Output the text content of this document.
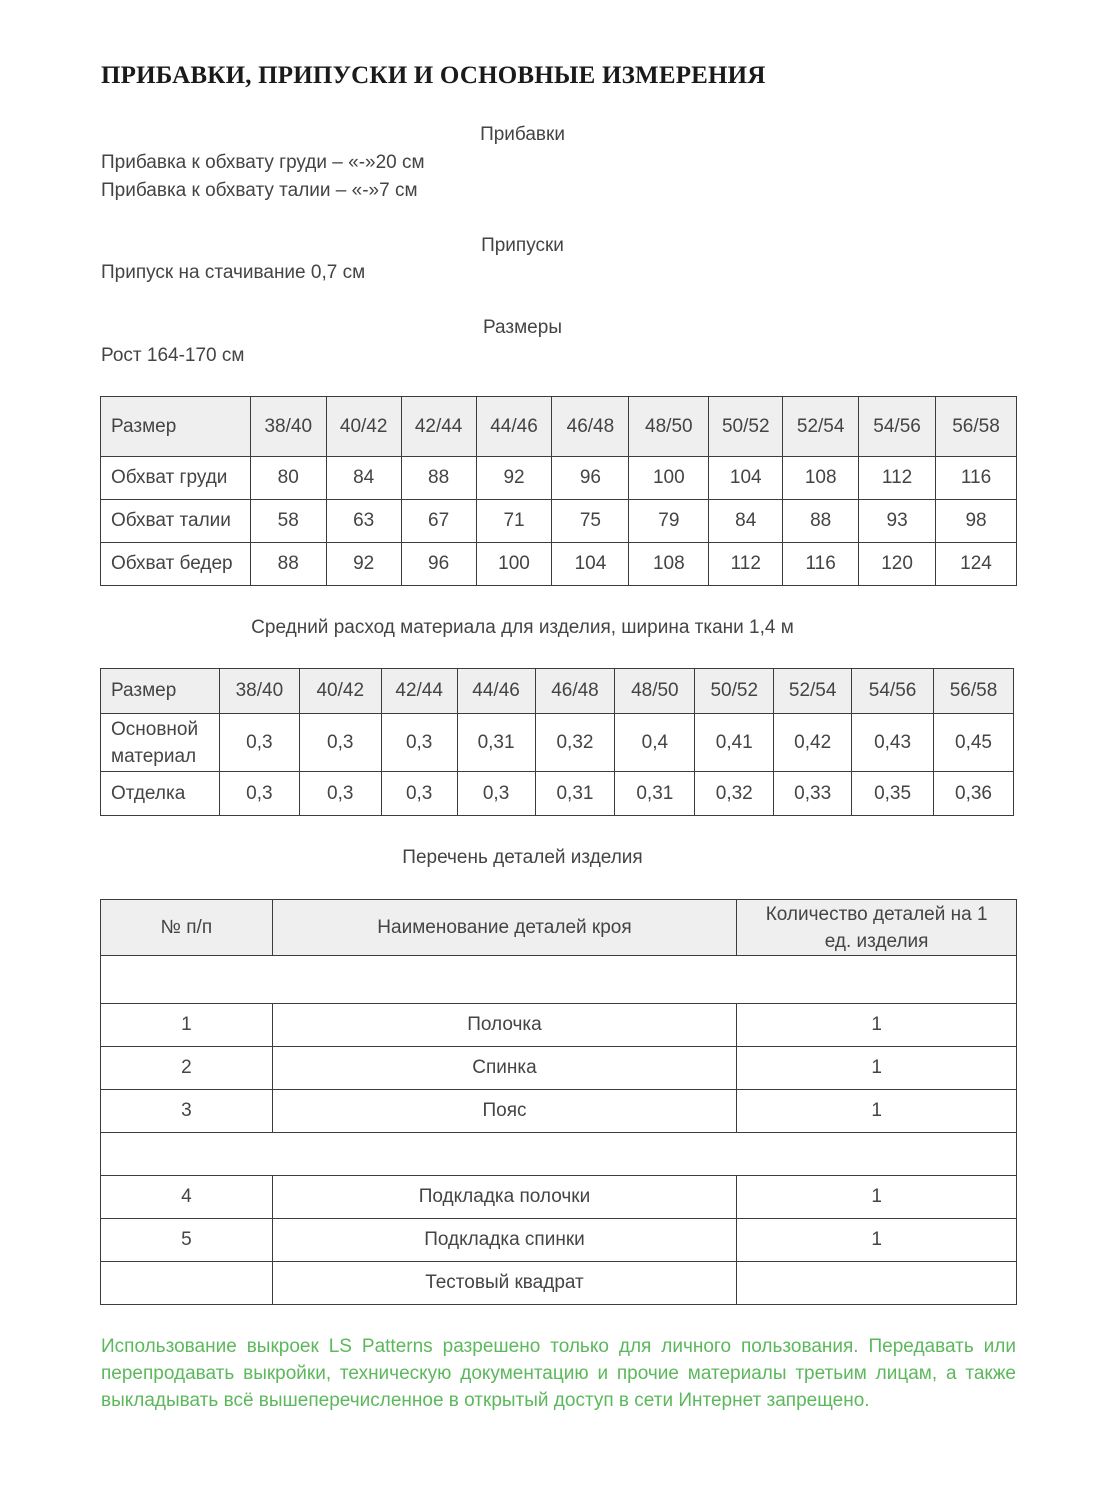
ПРИБАВКИ, ПРИПУСКИ И ОСНОВНЫЕ ИЗМЕРЕНИЯ
Прибавки
Прибавка к обхвату груди – «-»20 см
Прибавка к обхвату талии – «-»7 см
Припуски
Припуск на стачивание 0,7 см
Размеры
Рост 164-170 см
Размер	38/40	40/42	42/44	44/46	46/48	48/50	50/52	52/54	54/56	56/58
Обхват груди	80	84	88	92	96	100	104	108	112	116
Обхват талии	58	63	67	71	75	79	84	88	93	98
Обхват бедер	88	92	96	100	104	108	112	116	120	124
Средний расход материала для изделия, ширина ткани 1,4 м
Размер	38/40	40/42	42/44	44/46	46/48	48/50	50/52	52/54	54/56	56/58
Основной материал	0,3	0,3	0,3	0,31	0,32	0,4	0,41	0,42	0,43	0,45
Отделка	0,3	0,3	0,3	0,3	0,31	0,31	0,32	0,33	0,35	0,36
Перечень деталей изделия
№ п/п	Наименование деталей кроя	Количество деталей на 1 ед. изделия

1	Полочка	1
2	Спинка	1
3	Пояс	1

4	Подкладка полочки	1
5	Подкладка спинки	1
	Тестовый квадрат	

Использование выкроек LS Patterns разрешено только для личного пользования. Передавать или перепродавать выкройки, техническую документацию и прочие материалы третьим лицам, а также выкладывать всё вышеперечисленное в открытый доступ в сети Интернет запрещено.
